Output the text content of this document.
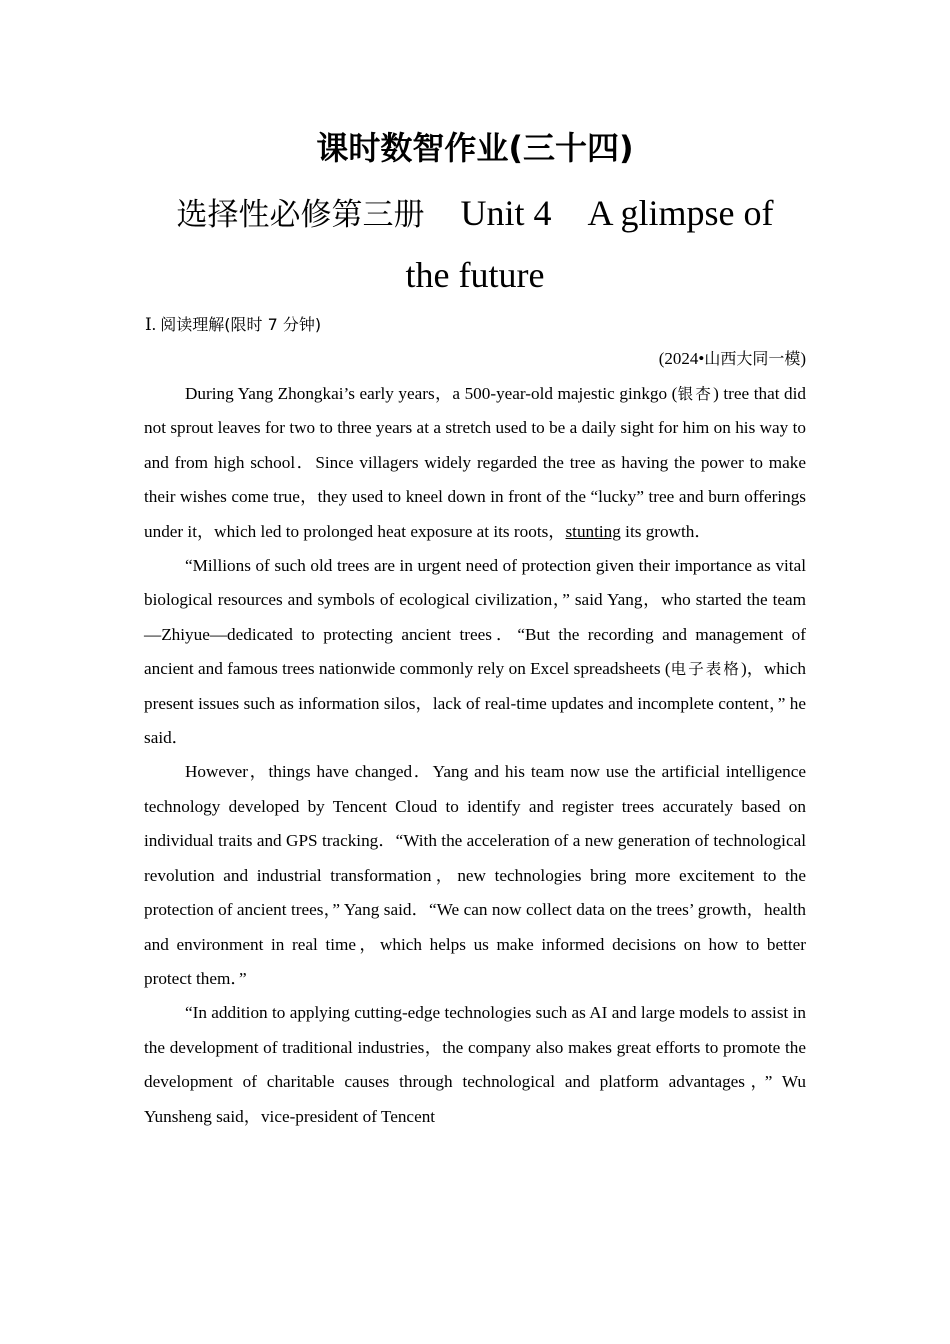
课时数智作业(三十四)
选择性必修第三册  Unit 4  A glimpse of
the future
Ⅰ. 阅读理解(限时 7 分钟)
(2024•山西大同一模)

During Yang Zhongkai’s early years，a 500-year-old majestic ginkgo (银杏) tree that did not sprout leaves for two to three years at a stretch used to be a daily sight for him on his way to and from high school．Since villagers widely regarded the tree as having the power to make their wishes come true，they used to kneel down in front of the “lucky” tree and burn offerings under it，which led to prolonged heat exposure at its roots，stunting its growth．

“Millions of such old trees are in urgent need of protection given their importance as vital biological resources and symbols of ecological civilization，” said Yang，who started the team—Zhiyue—dedicated to protecting ancient trees．“But the recording and management of ancient and famous trees nationwide commonly rely on Excel spreadsheets (电子表格)，which present issues such as information silos，lack of real-time updates and incomplete content，” he said．

However，things have changed．Yang and his team now use the artificial intelligence technology developed by Tencent Cloud to identify and register trees accurately based on individual traits and GPS tracking．“With the acceleration of a new generation of technological revolution and industrial transformation，new technologies bring more excitement to the protection of ancient trees，” Yang said．“We can now collect data on the trees’ growth，health and environment in real time，which helps us make informed decisions on how to better protect them．”

“In addition to applying cutting-edge technologies such as AI and large models to assist in the development of traditional industries，the company also makes great efforts to promote the development of charitable causes through technological and platform advantages，” Wu Yunsheng said，vice-president of Tencent
